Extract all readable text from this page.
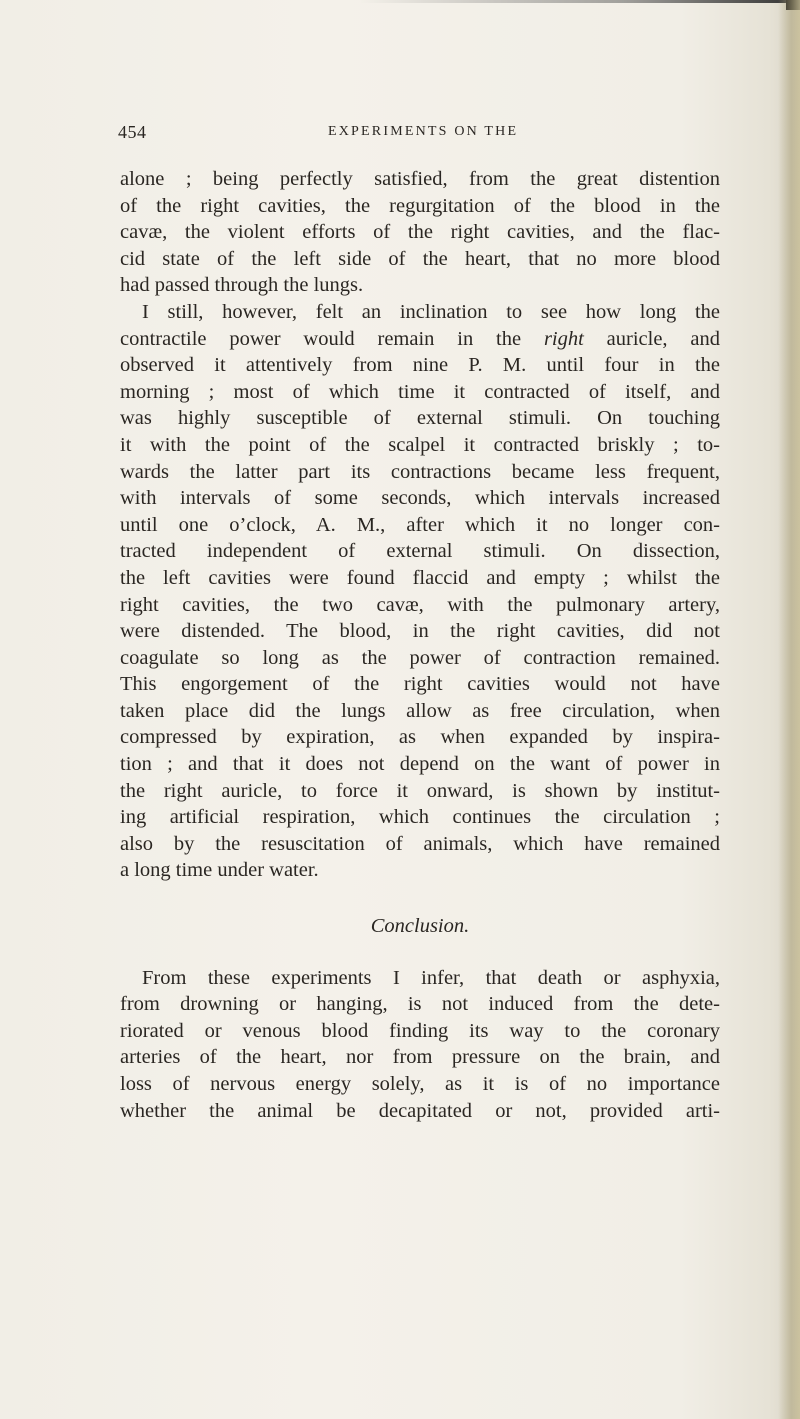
454	EXPERIMENTS ON THE
alone ; being perfectly satisfied, from the great distention
of the right cavities, the regurgitation of the blood in the
cavæ, the violent efforts of the right cavities, and the flac-
cid state of the left side of the heart, that no more blood
had passed through the lungs.
I still, however, felt an inclination to see how long the
contractile power would remain in the right auricle, and
observed it attentively from nine P. M. until four in the
morning ; most of which time it contracted of itself, and
was highly susceptible of external stimuli. On touching
it with the point of the scalpel it contracted briskly ; to-
wards the latter part its contractions became less frequent,
with intervals of some seconds, which intervals increased
until one o’clock, A. M., after which it no longer con-
tracted independent of external stimuli. On dissection,
the left cavities were found flaccid and empty ; whilst the
right cavities, the two cavæ, with the pulmonary artery,
were distended. The blood, in the right cavities, did not
coagulate so long as the power of contraction remained.
This engorgement of the right cavities would not have
taken place did the lungs allow as free circulation, when
compressed by expiration, as when expanded by inspira-
tion ; and that it does not depend on the want of power in
the right auricle, to force it onward, is shown by institut-
ing artificial respiration, which continues the circulation ;
also by the resuscitation of animals, which have remained
a long time under water.
Conclusion.
From these experiments I infer, that death or asphyxia,
from drowning or hanging, is not induced from the dete-
riorated or venous blood finding its way to the coronary
arteries of the heart, nor from pressure on the brain, and
loss of nervous energy solely, as it is of no importance
whether the animal be decapitated or not, provided arti-
